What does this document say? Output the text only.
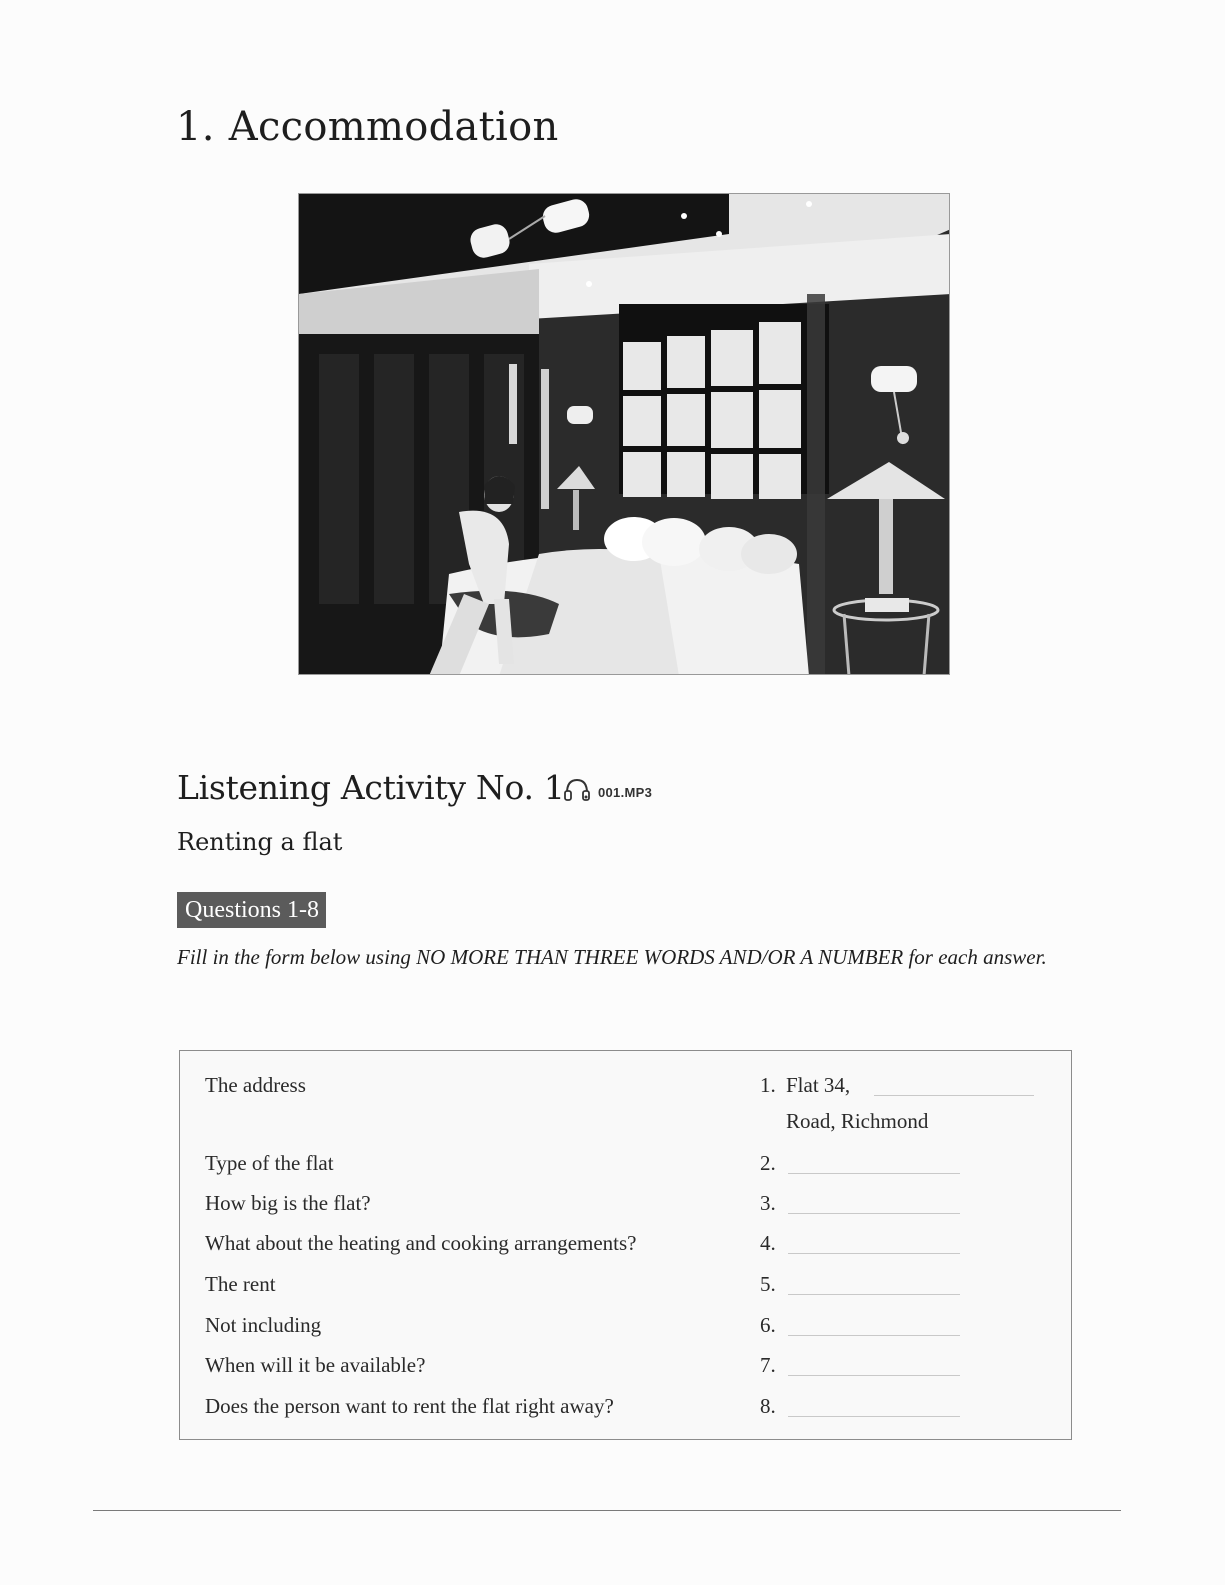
1. Accommodation
Listening Activity No. 1	001.MP3
Renting a flat
Questions 1-8

Fill in the form below using NO MORE THAN THREE WORDS AND/OR A NUMBER for each answer.

The address	1. Flat 34,
Road, Richmond
Type of the flat	2.
How big is the flat?	3.
What about the heating and cooking arrangements?	4.
The rent	5.
Not including	6.
When will it be available?	7.
Does the person want to rent the flat right away?	8.
